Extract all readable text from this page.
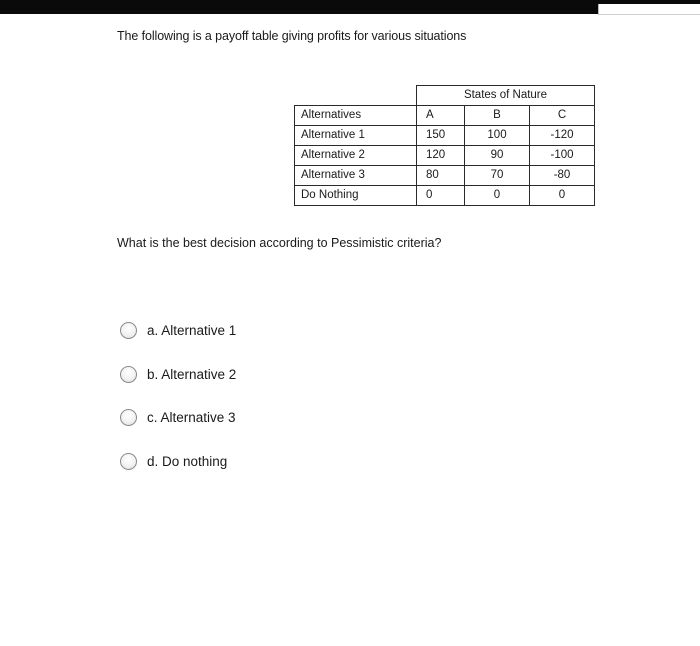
The following is a payoff table giving profits for various situations
	States of Nature		
Alternatives	A	B	C
Alternative 1	150	100	-120
Alternative 2	120	90	-100
Alternative 3	80	70	-80
Do Nothing	0	0	0
What is the best decision according to Pessimistic criteria?
a. Alternative 1
b. Alternative 2
c. Alternative 3
d. Do nothing
